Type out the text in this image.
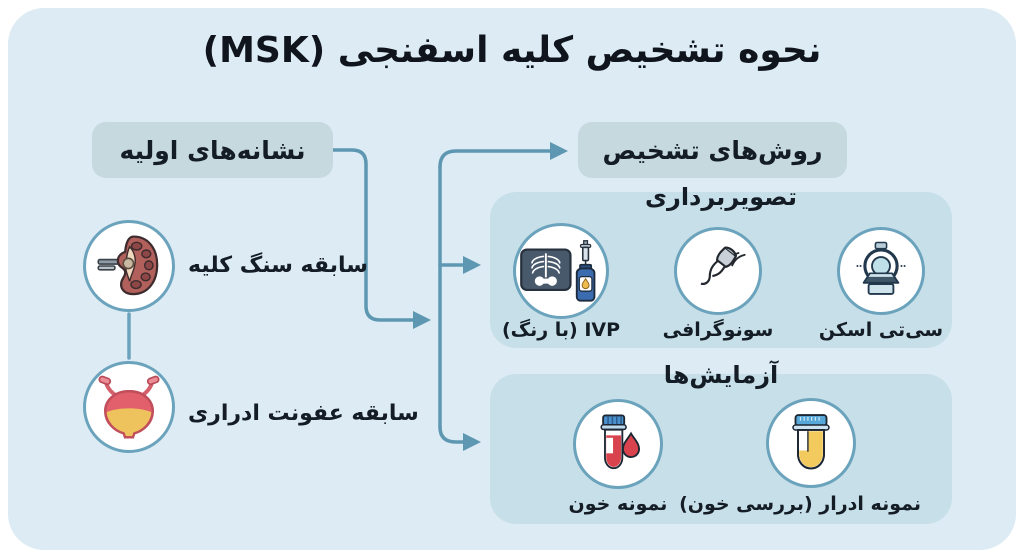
نحوه تشخیص کلیه اسفنجی (MSK)
نشانه‌های اولیه	روش‌های تشخیص
سابقه سنگ کلیه
سابقه عفونت ادراری
تصویربرداری
IVP (با رنگ)	سونوگرافی	سی‌تی اسکن
آزمایش‌ها
نمونه خون نمونه ادرار (بررسی خون)
